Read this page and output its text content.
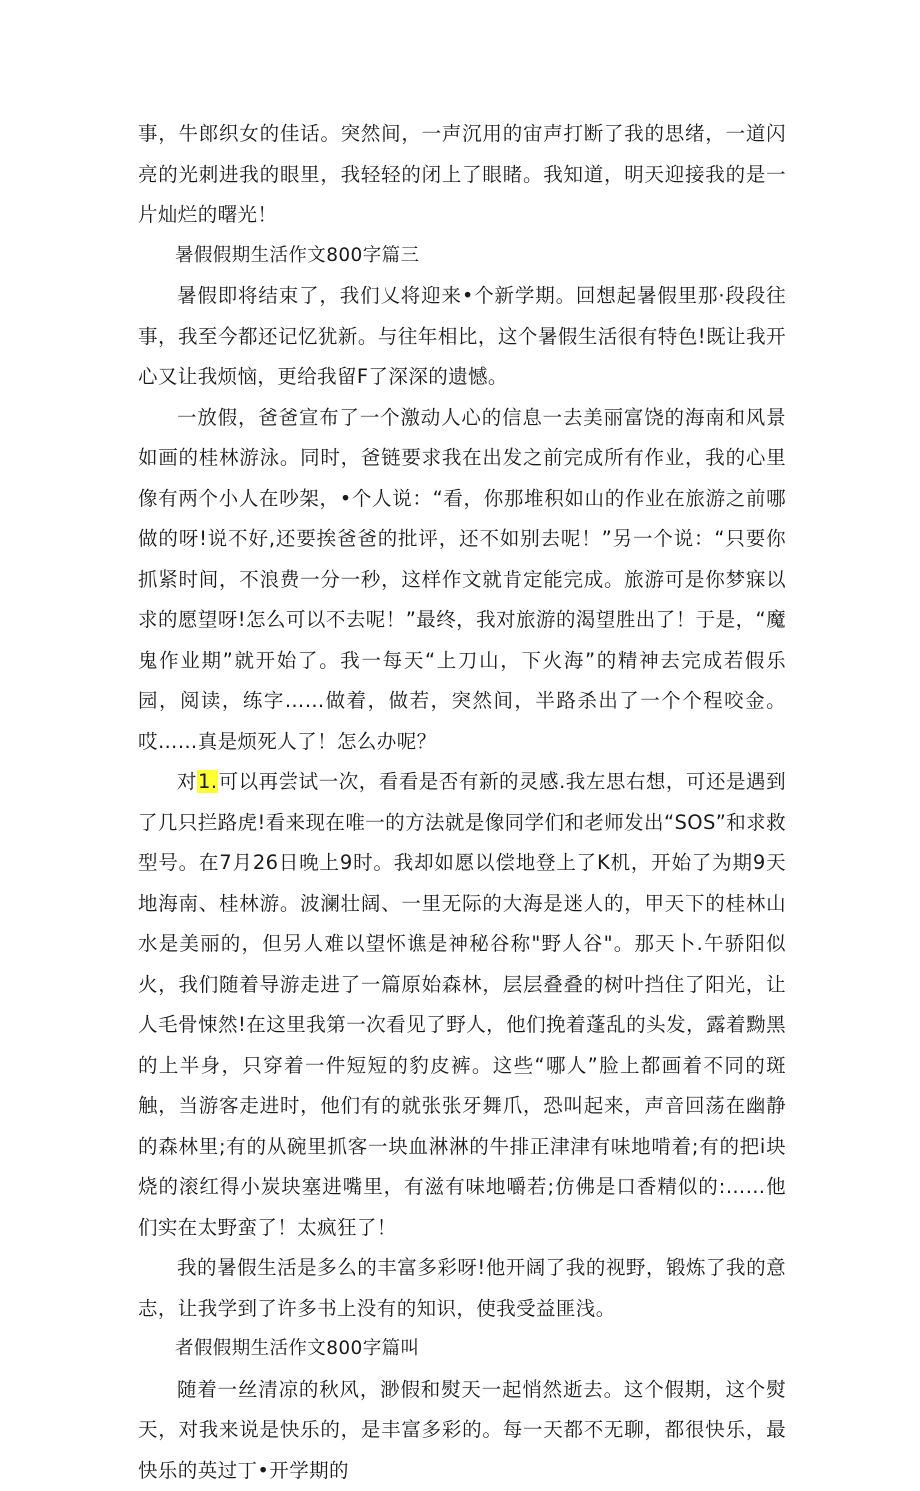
事，牛郎织女的佳话。突然间，一声沉用的宙声打断了我的思绪，一道闪亮的光刺进我的眼里，我轻轻的闭上了眼睹。我知道，明天迎接我的是一片灿烂的曙光！

暑假假期生活作文800字篇三

暑假即将结束了，我们乂将迎来•个新学期。回想起暑假里那·段段往事，我至今都还记忆犹新。与往年相比，这个暑假生活很有特色!既让我开心又让我烦恼，更给我留F了深深的遗憾。

一放假，爸爸宣布了一个激动人心的信息一去美丽富饶的海南和风景如画的桂林游泳。同时，爸链要求我在出发之前完成所有作业，我的心里像有两个小人在吵架，•个人说：“看，你那堆积如山的作业在旅游之前哪做的呀!说不好,还要挨爸爸的批评，还不如别去呢！”另一个说：“只要你抓紧时间，不浪费一分一秒，这样作文就肯定能完成。旅游可是你梦寐以求的愿望呀!怎么可以不去呢！”最终，我对旅游的渴望胜出了！于是，“魔鬼作业期”就开始了。我一每天“上刀山，下火海”的精神去完成若假乐园，阅读，练字……做着，做若，突然间，半路杀出了一个个程咬金。哎……真是烦死人了！怎么办呢？

对1.可以再尝试一次，看看是否有新的灵感.我左思右想，可还是遇到了几只拦路虎!看来现在唯一的方法就是像同学们和老师发出“SOS”和求救型号。在7月26日晚上9时。我却如愿以偿地登上了K机，开始了为期9天地海南、桂林游。波澜壮阔、一里无际的大海是迷人的，甲天下的桂林山水是美丽的，但另人难以望怀谯是神秘谷称"野人谷"。那天卜.午骄阳似火，我们随着导游走进了一篇原始森林，层层叠叠的树叶挡住了阳光，让人毛骨悚然!在这里我第一次看见了野人，他们挽着蓬乱的头发，露着黝黑的上半身，只穿着一件短短的豹皮裤。这些“哪人”脸上都画着不同的斑触，当游客走进时，他们有的就张张牙舞爪，恐叫起来，声音回荡在幽静的森林里;有的从碗里抓客一块血淋淋的牛排正津津有味地啃着;有的把i块烧的滚红得小炭块塞进嘴里，有滋有味地嚼若;仿佛是口香精似的:……他们实在太野蛮了！太疯狂了！

我的暑假生活是多么的丰富多彩呀!他开阔了我的视野，锻炼了我的意志，让我学到了许多书上没有的知识，使我受益匪浅。

者假假期生活作文800字篇叫

随着一丝清凉的秋风，渺假和熨天一起悄然逝去。这个假期，这个熨天，对我来说是快乐的，是丰富多彩的。每一天都不无聊，都很快乐，最快乐的英过丁•开学期的
